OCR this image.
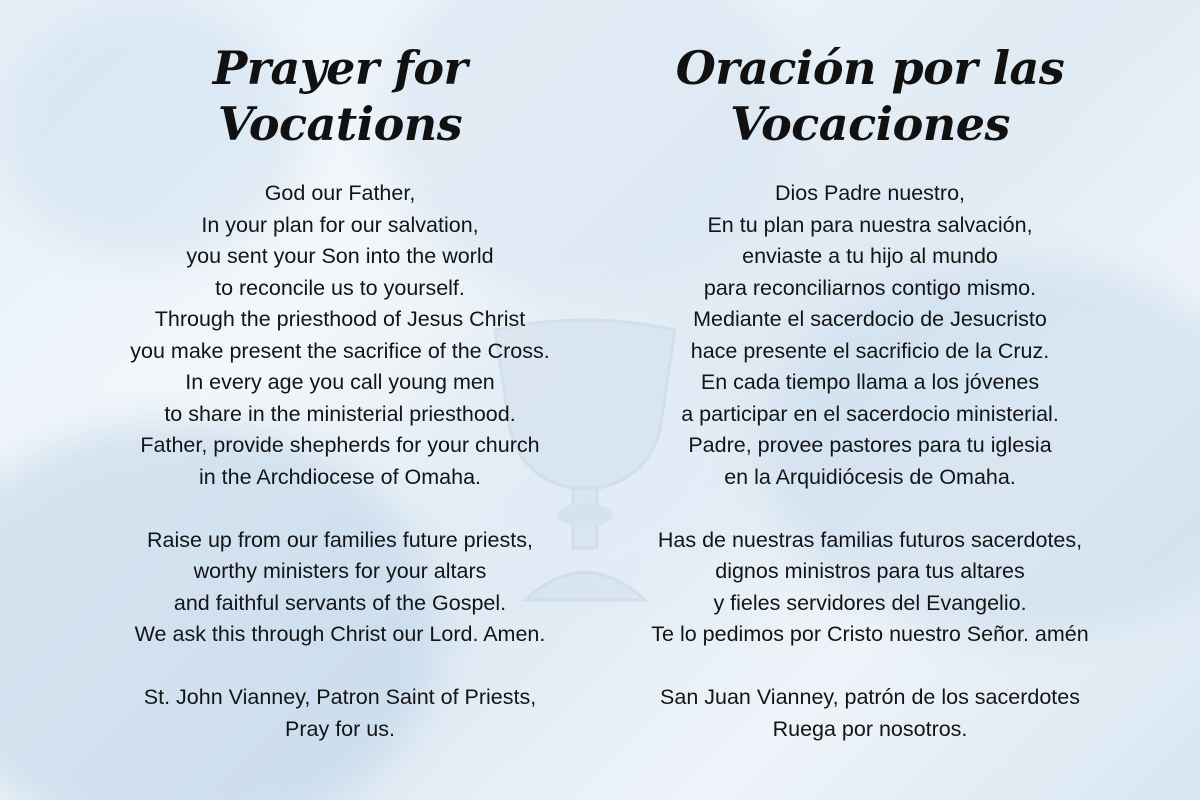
Prayer for
Vocations
God our Father,
In your plan for our salvation,
you sent your Son into the world
to reconcile us to yourself.
Through the priesthood of Jesus Christ
you make present the sacrifice of the Cross.
In every age you call young men
to share in the ministerial priesthood.
Father, provide shepherds for your church
in the Archdiocese of Omaha.
Raise up from our families future priests,
worthy ministers for your altars
and faithful servants of the Gospel.
We ask this through Christ our Lord. Amen.
St. John Vianney, Patron Saint of Priests,
Pray for us.
Oración por las
Vocaciones
Dios Padre nuestro,
En tu plan para nuestra salvación,
enviaste a tu hijo al mundo
para reconciliarnos contigo mismo.
Mediante el sacerdocio de Jesucristo
hace presente el sacrificio de la Cruz.
En cada tiempo llama a los jóvenes
a participar en el sacerdocio ministerial.
Padre, provee pastores para tu iglesia
en la Arquidiócesis de Omaha.
Has de nuestras familias futuros sacerdotes,
dignos ministros para tus altares
y fieles servidores del Evangelio.
Te lo pedimos por Cristo nuestro Señor. amén
San Juan Vianney, patrón de los sacerdotes
Ruega por nosotros.
